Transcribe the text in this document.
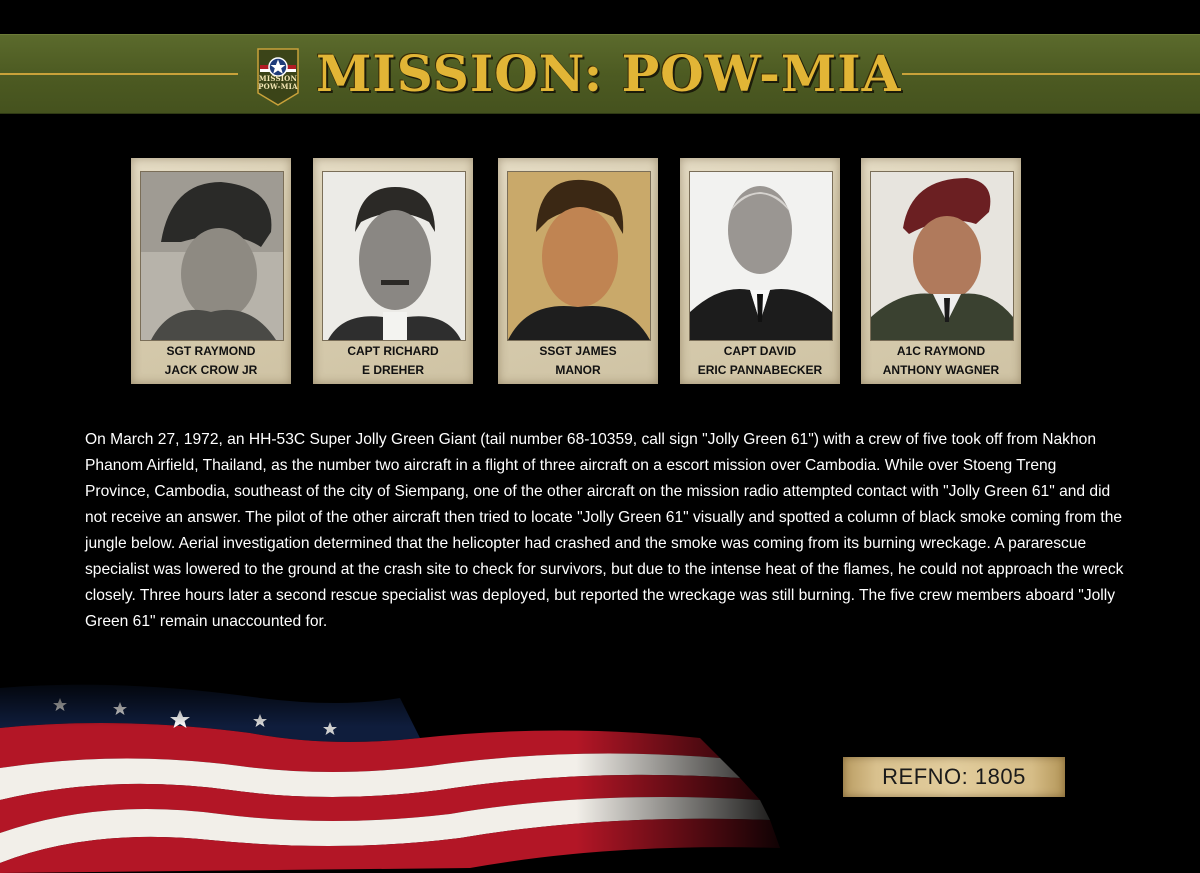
MISSION
POW-MIA MISSION: POW-MIA
SGT RAYMOND
JACK CROW JR
CAPT RICHARD
E DREHER
SSGT JAMES
MANOR
CAPT DAVID
ERIC PANNABECKER
A1C RAYMOND
ANTHONY WAGNER
On March 27, 1972, an HH-53C Super Jolly Green Giant (tail number 68-10359, call sign "Jolly Green 61") with a crew of five took off from Nakhon Phanom Airfield, Thailand, as the number two aircraft in a flight of three aircraft on a escort mission over Cambodia. While over Stoeng Treng Province, Cambodia, southeast of the city of Siempang, one of the other aircraft on the mission radio attempted contact with "Jolly Green 61" and did not receive an answer. The pilot of the other aircraft then tried to locate "Jolly Green 61" visually and spotted a column of black smoke coming from the jungle below. Aerial investigation determined that the helicopter had crashed and the smoke was coming from its burning wreckage. A pararescue specialist was lowered to the ground at the crash site to check for survivors, but due to the intense heat of the flames, he could not approach the wreck closely. Three hours later a second rescue specialist was deployed, but reported the wreckage was still burning. The five crew members aboard "Jolly Green 61" remain unaccounted for.
REFNO: 1805
